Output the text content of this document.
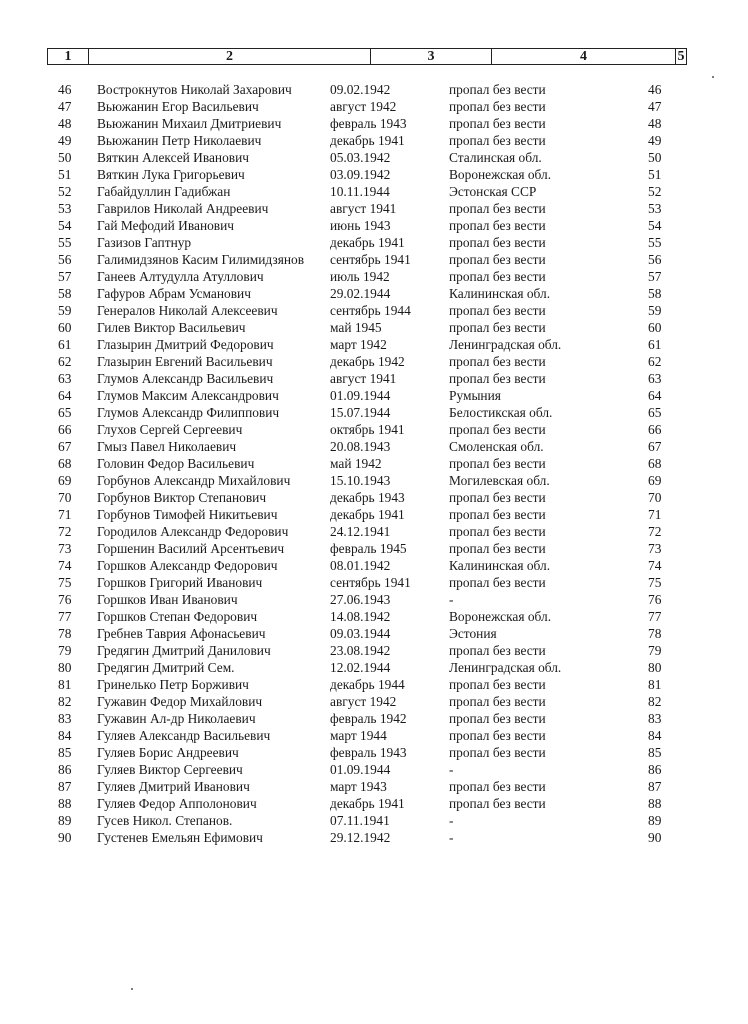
1	2	3	4	5
46	Вострокнутов Николай Захарович	09.02.1942	пропал без вести	46
47	Вьюжанин Егор Васильевич	август 1942	пропал без вести	47
48	Вьюжанин Михаил Дмитриевич	февраль 1943	пропал без вести	48
49	Вьюжанин Петр Николаевич	декабрь 1941	пропал без вести	49
50	Вяткин Алексей Иванович	05.03.1942	Сталинская обл.	50
51	Вяткин Лука Григорьевич	03.09.1942	Воронежская обл.	51
52	Габайдуллин Гадибжан	10.11.1944	Эстонская ССР	52
53	Гаврилов Николай Андреевич	август 1941	пропал без вести	53
54	Гай Мефодий Иванович	июнь 1943	пропал без вести	54
55	Газизов Гаптнур	декабрь 1941	пропал без вести	55
56	Галимидзянов Касим Гилимидзянов	сентябрь 1941	пропал без вести	56
57	Ганеев Алтудулла Атуллович	июль 1942	пропал без вести	57
58	Гафуров Абрам Усманович	29.02.1944	Калининская обл.	58
59	Генералов Николай Алексеевич	сентябрь 1944	пропал без вести	59
60	Гилев Виктор Васильевич	май 1945	пропал без вести	60
61	Глазырин Дмитрий Федорович	март 1942	Ленинградская обл.	61
62	Глазырин Евгений Васильевич	декабрь 1942	пропал без вести	62
63	Глумов Александр Васильевич	август 1941	пропал без вести	63
64	Глумов Максим Александрович	01.09.1944	Румыния	64
65	Глумов Александр Филиппович	15.07.1944	Белостикская обл.	65
66	Глухов Сергей Сергеевич	октябрь 1941	пропал без вести	66
67	Гмыз Павел Николаевич	20.08.1943	Смоленская обл.	67
68	Головин Федор Васильевич	май 1942	пропал без вести	68
69	Горбунов Александр Михайлович	15.10.1943	Могилевская обл.	69
70	Горбунов Виктор Степанович	декабрь 1943	пропал без вести	70
71	Горбунов Тимофей Никитьевич	декабрь 1941	пропал без вести	71
72	Городилов Александр Федорович	24.12.1941	пропал без вести	72
73	Горшенин Василий Арсентьевич	февраль 1945	пропал без вести	73
74	Горшков Александр Федорович	08.01.1942	Калининская обл.	74
75	Горшков Григорий Иванович	сентябрь 1941	пропал без вести	75
76	Горшков Иван Иванович	27.06.1943	-	76
77	Горшков Степан Федорович	14.08.1942	Воронежская обл.	77
78	Гребнев Таврия Афонасьевич	09.03.1944	Эстония	78
79	Гредягин Дмитрий Данилович	23.08.1942	пропал без вести	79
80	Гредягин Дмитрий Сем.	12.02.1944	Ленинградская обл.	80
81	Гринелько Петр Борживич	декабрь 1944	пропал без вести	81
82	Гужавин Федор Михайлович	август 1942	пропал без вести	82
83	Гужавин Ал-др Николаевич	февраль 1942	пропал без вести	83
84	Гуляев Александр Васильевич	март 1944	пропал без вести	84
85	Гуляев Борис Андреевич	февраль 1943	пропал без вести	85
86	Гуляев Виктор Сергеевич	01.09.1944	-	86
87	Гуляев Дмитрий Иванович	март 1943	пропал без вести	87
88	Гуляев Федор Апполонович	декабрь 1941	пропал без вести	88
89	Гусев Никол. Степанов.	07.11.1941	-	89
90	Густенев Емельян Ефимович	29.12.1942	-	90
